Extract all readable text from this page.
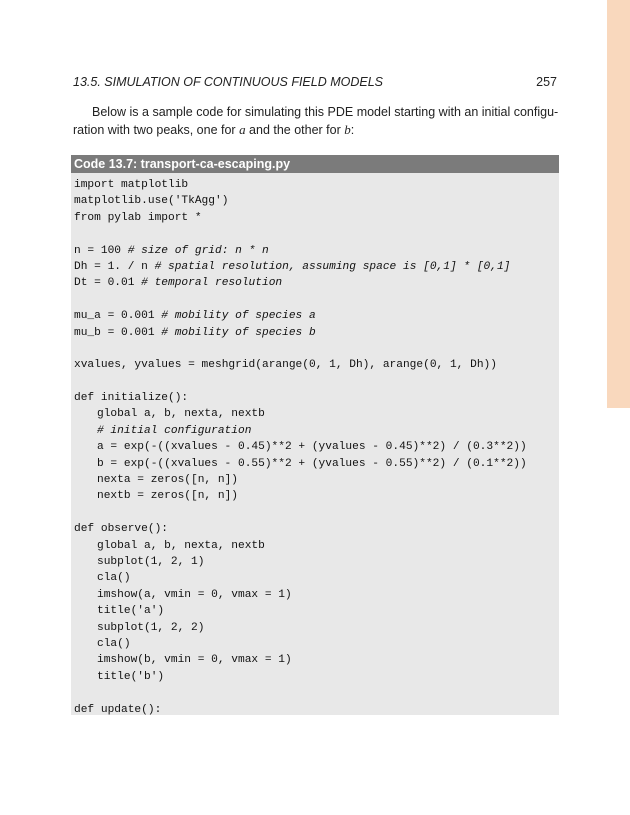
13.5. SIMULATION OF CONTINUOUS FIELD MODELS	257
Below is a sample code for simulating this PDE model starting with an initial configu-
ration with two peaks, one for a and the other for b:
Code 13.7: transport-ca-escaping.py
import matplotlib
matplotlib.use('TkAgg')
from pylab import *
n = 100 # size of grid: n * n
Dh = 1. / n # spatial resolution, assuming space is [0,1] * [0,1]
Dt = 0.01 # temporal resolution
mu_a = 0.001 # mobility of species a
mu_b = 0.001 # mobility of species b
xvalues, yvalues = meshgrid(arange(0, 1, Dh), arange(0, 1, Dh))
def initialize():
global a, b, nexta, nextb
# initial configuration
a = exp(-((xvalues - 0.45)**2 + (yvalues - 0.45)**2) / (0.3**2))
b = exp(-((xvalues - 0.55)**2 + (yvalues - 0.55)**2) / (0.1**2))
nexta = zeros([n, n])
nextb = zeros([n, n])
def observe():
global a, b, nexta, nextb
subplot(1, 2, 1)
cla()
imshow(a, vmin = 0, vmax = 1)
title('a')
subplot(1, 2, 2)
cla()
imshow(b, vmin = 0, vmax = 1)
title('b')
def update():
